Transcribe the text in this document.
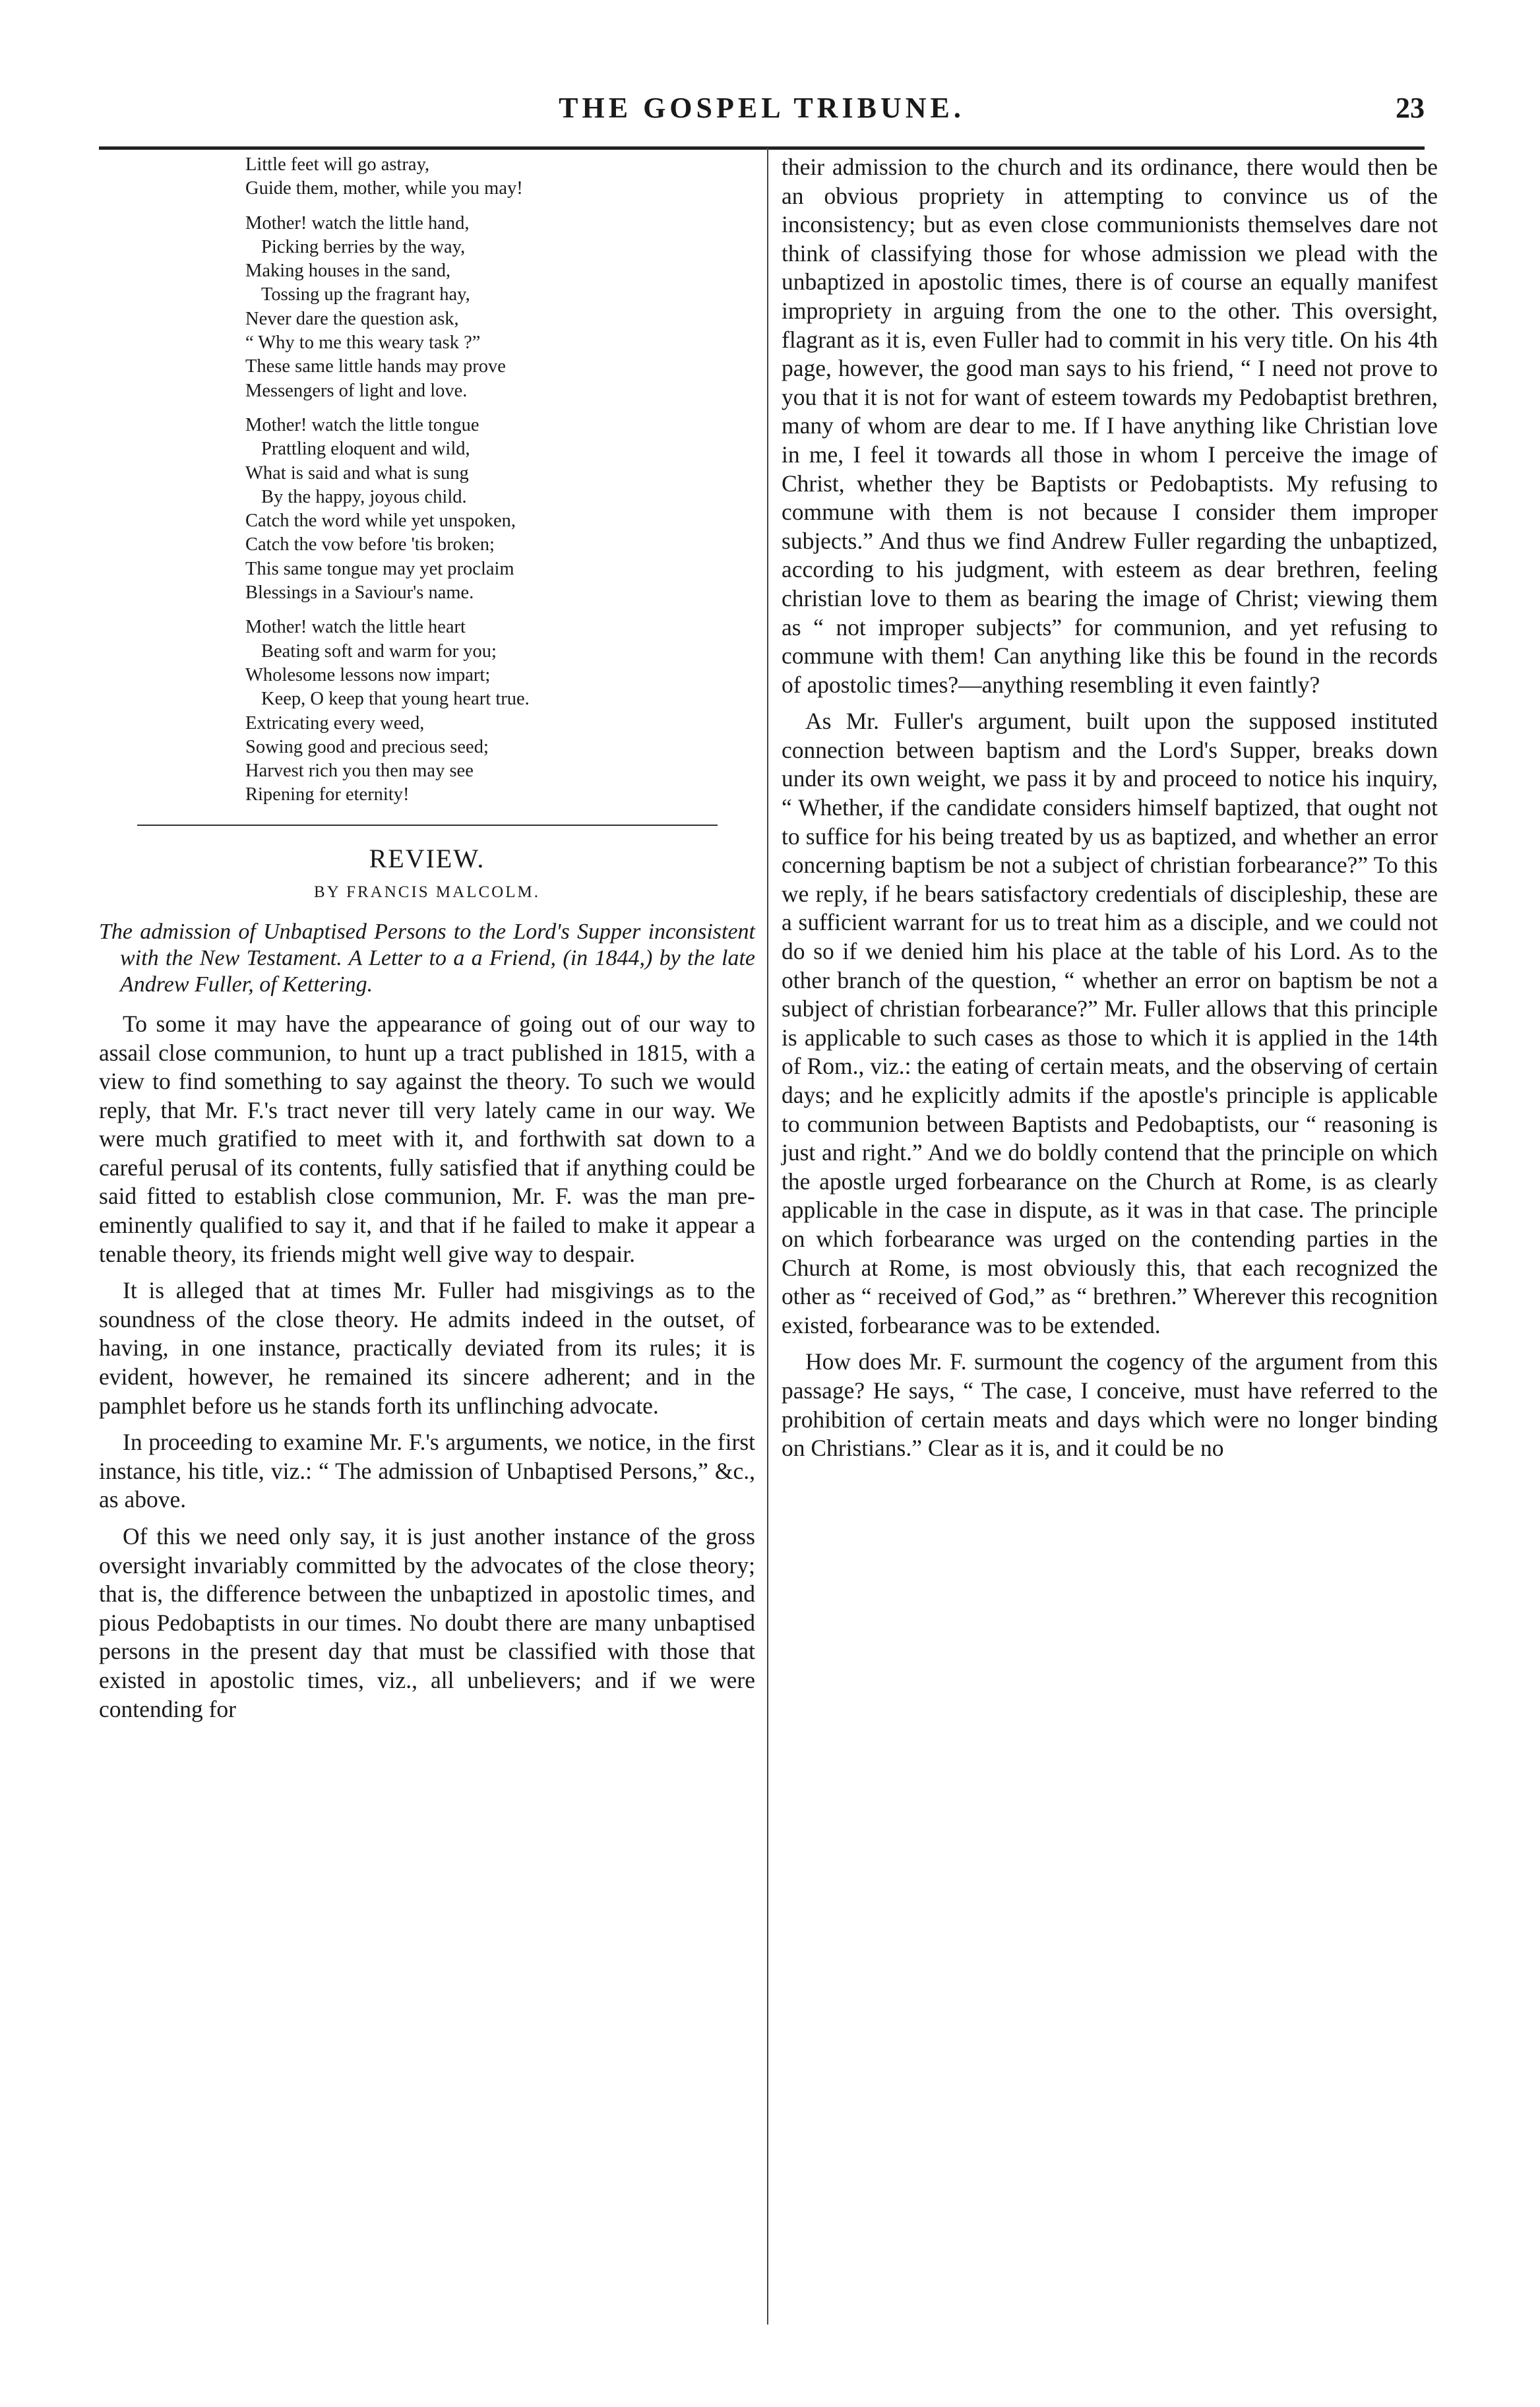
THE GOSPEL TRIBUNE.	23
Little feet will go astray,
Guide them, mother, while you may!
Mother! watch the little hand,
Picking berries by the way,
Making houses in the sand,
Tossing up the fragrant hay,
Never dare the question ask,
“ Why to me this weary task ?”
These same little hands may prove
Messengers of light and love.
Mother! watch the little tongue
Prattling eloquent and wild,
What is said and what is sung
By the happy, joyous child.
Catch the word while yet unspoken,
Catch the vow before 'tis broken;
This same tongue may yet proclaim
Blessings in a Saviour's name.
Mother! watch the little heart
Beating soft and warm for you;
Wholesome lessons now impart;
Keep, O keep that young heart true.
Extricating every weed,
Sowing good and precious seed;
Harvest rich you then may see
Ripening for eternity!
REVIEW.
BY FRANCIS MALCOLM.
The admission of Unbaptised Persons to the Lord's Supper inconsistent with the New Testament. A Letter to a a Friend, (in 1844,) by the late Andrew Fuller, of Kettering.

To some it may have the appearance of going out of our way to assail close communion, to hunt up a tract published in 1815, with a view to find something to say against the theory. To such we would reply, that Mr. F.'s tract never till very lately came in our way. We were much gratified to meet with it, and forthwith sat down to a careful perusal of its contents, fully satisfied that if anything could be said fitted to establish close communion, Mr. F. was the man pre-eminently qualified to say it, and that if he failed to make it appear a tenable theory, its friends might well give way to despair.

It is alleged that at times Mr. Fuller had misgivings as to the soundness of the close theory. He admits indeed in the outset, of having, in one instance, practically deviated from its rules; it is evident, however, he remained its sincere adherent; and in the pamphlet before us he stands forth its unflinching advocate.

In proceeding to examine Mr. F.'s arguments, we notice, in the first instance, his title, viz.: “ The admission of Unbaptised Persons,” &c., as above.

Of this we need only say, it is just another instance of the gross oversight invariably committed by the advocates of the close theory; that is, the difference between the unbaptized in apostolic times, and pious Pedobaptists in our times. No doubt there are many unbaptised persons in the present day that must be classified with those that existed in apostolic times, viz., all unbelievers; and if we were contending for

their admission to the church and its ordinance, there would then be an obvious propriety in attempting to convince us of the inconsistency; but as even close communionists themselves dare not think of classifying those for whose admission we plead with the unbaptized in apostolic times, there is of course an equally manifest impropriety in arguing from the one to the other. This oversight, flagrant as it is, even Fuller had to commit in his very title. On his 4th page, however, the good man says to his friend, “ I need not prove to you that it is not for want of esteem towards my Pedobaptist brethren, many of whom are dear to me. If I have anything like Christian love in me, I feel it towards all those in whom I perceive the image of Christ, whether they be Baptists or Pedobaptists. My refusing to commune with them is not because I consider them improper subjects.” And thus we find Andrew Fuller regarding the unbaptized, according to his judgment, with esteem as dear brethren, feeling christian love to them as bearing the image of Christ; viewing them as “ not improper subjects” for communion, and yet refusing to commune with them! Can anything like this be found in the records of apostolic times?—anything resembling it even faintly?

As Mr. Fuller's argument, built upon the supposed instituted connection between baptism and the Lord's Supper, breaks down under its own weight, we pass it by and proceed to notice his inquiry, “ Whether, if the candidate considers himself baptized, that ought not to suffice for his being treated by us as baptized, and whether an error concerning baptism be not a subject of christian forbearance?” To this we reply, if he bears satisfactory credentials of discipleship, these are a sufficient warrant for us to treat him as a disciple, and we could not do so if we denied him his place at the table of his Lord. As to the other branch of the question, “ whether an error on baptism be not a subject of christian forbearance?” Mr. Fuller allows that this principle is applicable to such cases as those to which it is applied in the 14th of Rom., viz.: the eating of certain meats, and the observing of certain days; and he explicitly admits if the apostle's principle is applicable to communion between Baptists and Pedobaptists, our “ reasoning is just and right.” And we do boldly contend that the principle on which the apostle urged forbearance on the Church at Rome, is as clearly applicable in the case in dispute, as it was in that case. The principle on which forbearance was urged on the contending parties in the Church at Rome, is most obviously this, that each recognized the other as “ received of God,” as “ brethren.” Wherever this recognition existed, forbearance was to be extended.

How does Mr. F. surmount the cogency of the argument from this passage? He says, “ The case, I conceive, must have referred to the prohibition of certain meats and days which were no longer binding on Christians.” Clear as it is, and it could be no
